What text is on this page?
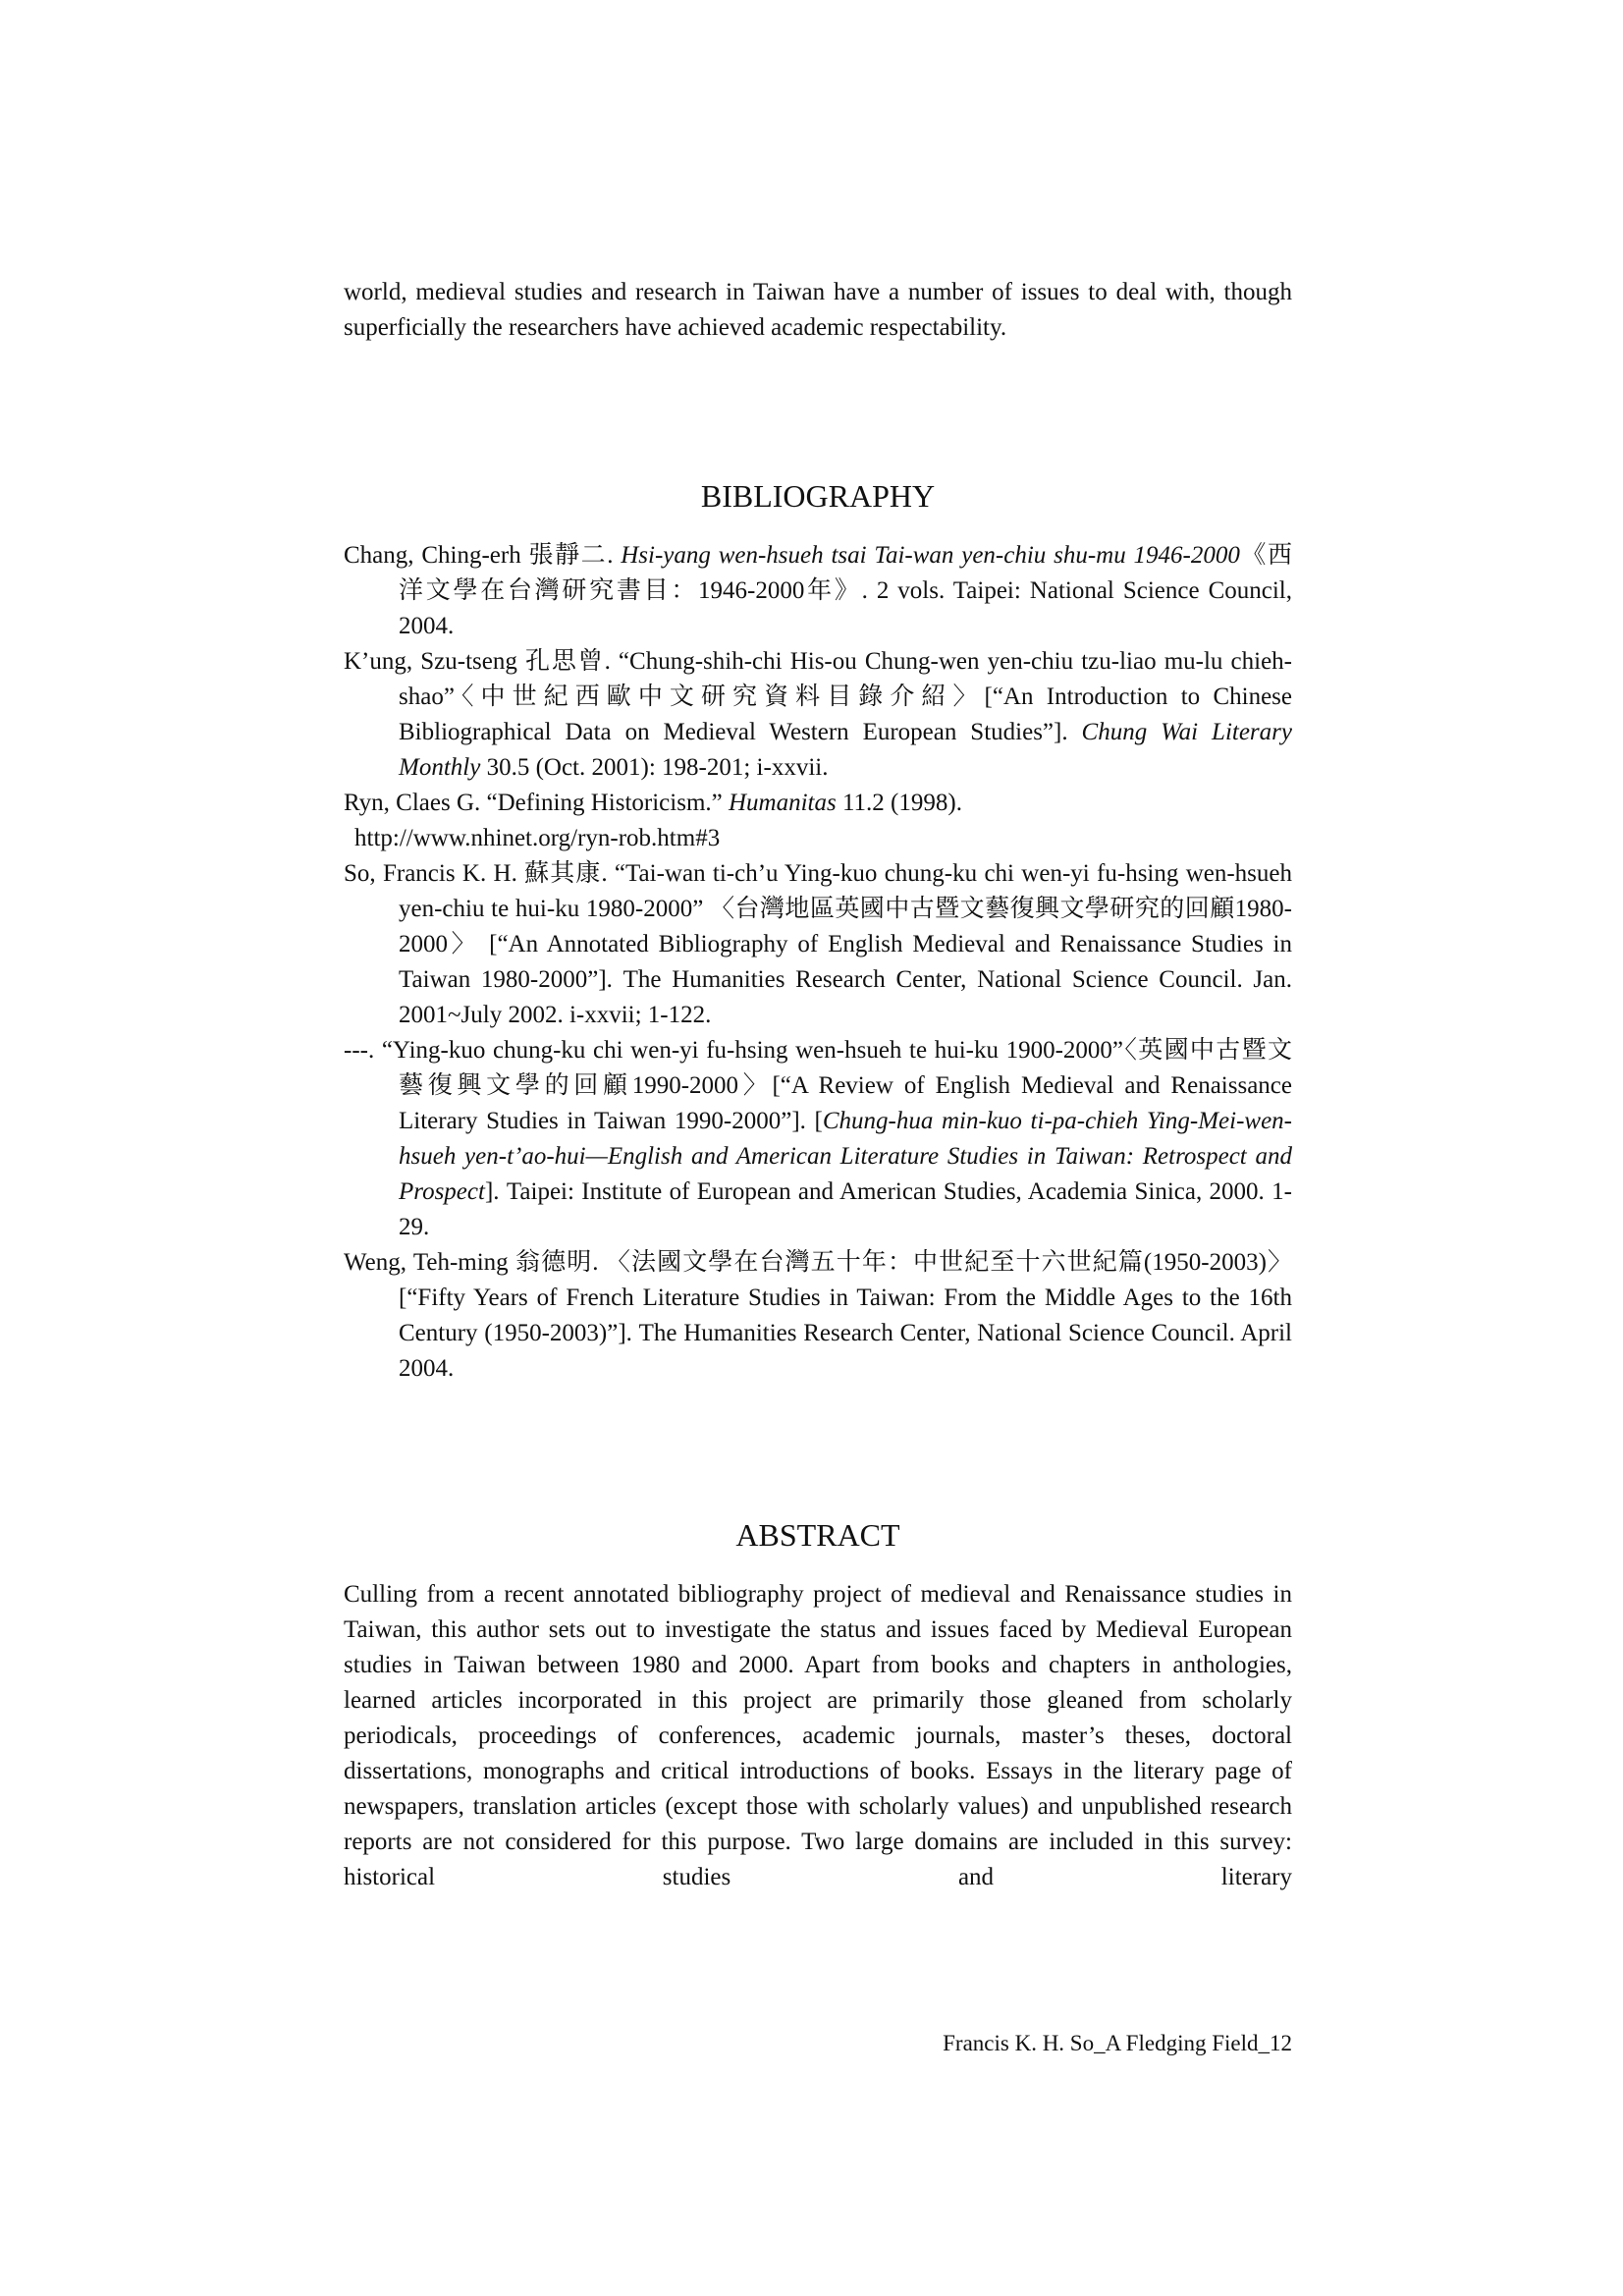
world, medieval studies and research in Taiwan have a number of issues to deal with, though superficially the researchers have achieved academic respectability.

BIBLIOGRAPHY
Chang, Ching-erh 張靜二. Hsi-yang wen-hsueh tsai Tai-wan yen-chiu shu-mu 1946-2000《西洋文學在台灣研究書目：1946-2000年》. 2 vols. Taipei: National Science Council, 2004.
K’ung, Szu-tseng 孔思曾. “Chung-shih-chi His-ou Chung-wen yen-chiu tzu-liao mu-lu chieh-shao”〈中世紀西歐中文研究資料目錄介紹〉[“An Introduction to Chinese Bibliographical Data on Medieval Western European Studies”]. Chung Wai Literary Monthly 30.5 (Oct. 2001): 198-201; i-xxvii.
Ryn, Claes G. “Defining Historicism.” Humanitas 11.2 (1998).
http://www.nhinet.org/ryn-rob.htm#3
So, Francis K. H. 蘇其康. “Tai-wan ti-ch’u Ying-kuo chung-ku chi wen-yi fu-hsing wen-hsueh yen-chiu te hui-ku 1980-2000” 〈台灣地區英國中古暨文藝復興文學研究的回顧1980-2000〉 [“An Annotated Bibliography of English Medieval and Renaissance Studies in Taiwan 1980-2000”]. The Humanities Research Center, National Science Council. Jan. 2001~July 2002. i-xxvii; 1-122.
---. “Ying-kuo chung-ku chi wen-yi fu-hsing wen-hsueh te hui-ku 1900-2000”〈英國中古暨文藝復興文學的回顧1990-2000〉[“A Review of English Medieval and Renaissance Literary Studies in Taiwan 1990-2000”]. [Chung-hua min-kuo ti-pa-chieh Ying-Mei-wen-hsueh yen-t’ao-hui—English and American Literature Studies in Taiwan: Retrospect and Prospect]. Taipei: Institute of European and American Studies, Academia Sinica, 2000. 1-29.
Weng, Teh-ming 翁德明. 〈法國文學在台灣五十年：中世紀至十六世紀篇(1950-2003)〉[“Fifty Years of French Literature Studies in Taiwan: From the Middle Ages to the 16th Century (1950-2003)”]. The Humanities Research Center, National Science Council. April 2004.
ABSTRACT

Culling from a recent annotated bibliography project of medieval and Renaissance studies in Taiwan, this author sets out to investigate the status and issues faced by Medieval European studies in Taiwan between 1980 and 2000. Apart from books and chapters in anthologies, learned articles incorporated in this project are primarily those gleaned from scholarly periodicals, proceedings of conferences, academic journals, master’s theses, doctoral dissertations, monographs and critical introductions of books. Essays in the literary page of newspapers, translation articles (except those with scholarly values) and unpublished research reports are not considered for this purpose. Two large domains are included in this survey: historical studies and literary

Francis K. H. So_A Fledging Field_12
